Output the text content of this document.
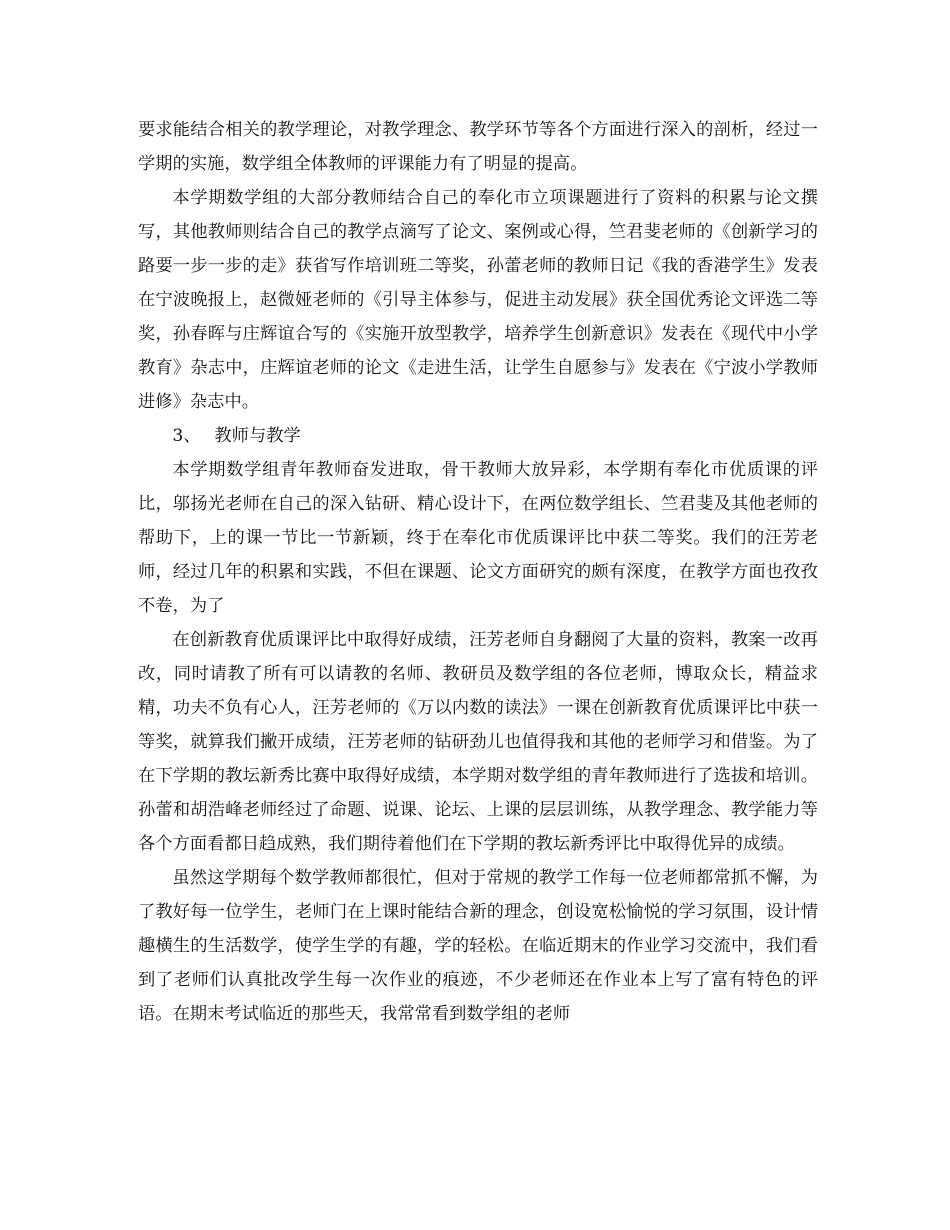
要求能结合相关的教学理论，对教学理念、教学环节等各个方面进行深入的剖析，经过一学期的实施，数学组全体教师的评课能力有了明显的提高。

本学期数学组的大部分教师结合自己的奉化市立项课题进行了资料的积累与论文撰写，其他教师则结合自己的教学点滴写了论文、案例或心得，竺君斐老师的《创新学习的路要一步一步的走》获省写作培训班二等奖，孙蕾老师的教师日记《我的香港学生》发表在宁波晚报上，赵微娅老师的《引导主体参与，促进主动发展》获全国优秀论文评选二等奖，孙春晖与庄辉谊合写的《实施开放型教学，培养学生创新意识》发表在《现代中小学教育》杂志中，庄辉谊老师的论文《走进生活，让学生自愿参与》发表在《宁波小学教师进修》杂志中。

3、 教师与教学

本学期数学组青年教师奋发进取，骨干教师大放异彩，本学期有奉化市优质课的评比，邬扬光老师在自己的深入钻研、精心设计下，在两位数学组长、竺君斐及其他老师的帮助下，上的课一节比一节新颖，终于在奉化市优质课评比中获二等奖。我们的汪芳老师，经过几年的积累和实践，不但在课题、论文方面研究的颇有深度，在教学方面也孜孜不卷，为了

在创新教育优质课评比中取得好成绩，汪芳老师自身翻阅了大量的资料，教案一改再改，同时请教了所有可以请教的名师、教研员及数学组的各位老师，博取众长，精益求精，功夫不负有心人，汪芳老师的《万以内数的读法》一课在创新教育优质课评比中获一等奖，就算我们撇开成绩，汪芳老师的钻研劲儿也值得我和其他的老师学习和借鉴。为了在下学期的教坛新秀比赛中取得好成绩，本学期对数学组的青年教师进行了选拔和培训。孙蕾和胡浩峰老师经过了命题、说课、论坛、上课的层层训练，从教学理念、教学能力等各个方面看都日趋成熟，我们期待着他们在下学期的教坛新秀评比中取得优异的成绩。

虽然这学期每个数学教师都很忙，但对于常规的教学工作每一位老师都常抓不懈，为了教好每一位学生，老师门在上课时能结合新的理念，创设宽松愉悦的学习氛围，设计情趣横生的生活数学，使学生学的有趣，学的轻松。在临近期末的作业学习交流中，我们看到了老师们认真批改学生每一次作业的痕迹，不少老师还在作业本上写了富有特色的评语。在期末考试临近的那些天，我常常看到数学组的老师
